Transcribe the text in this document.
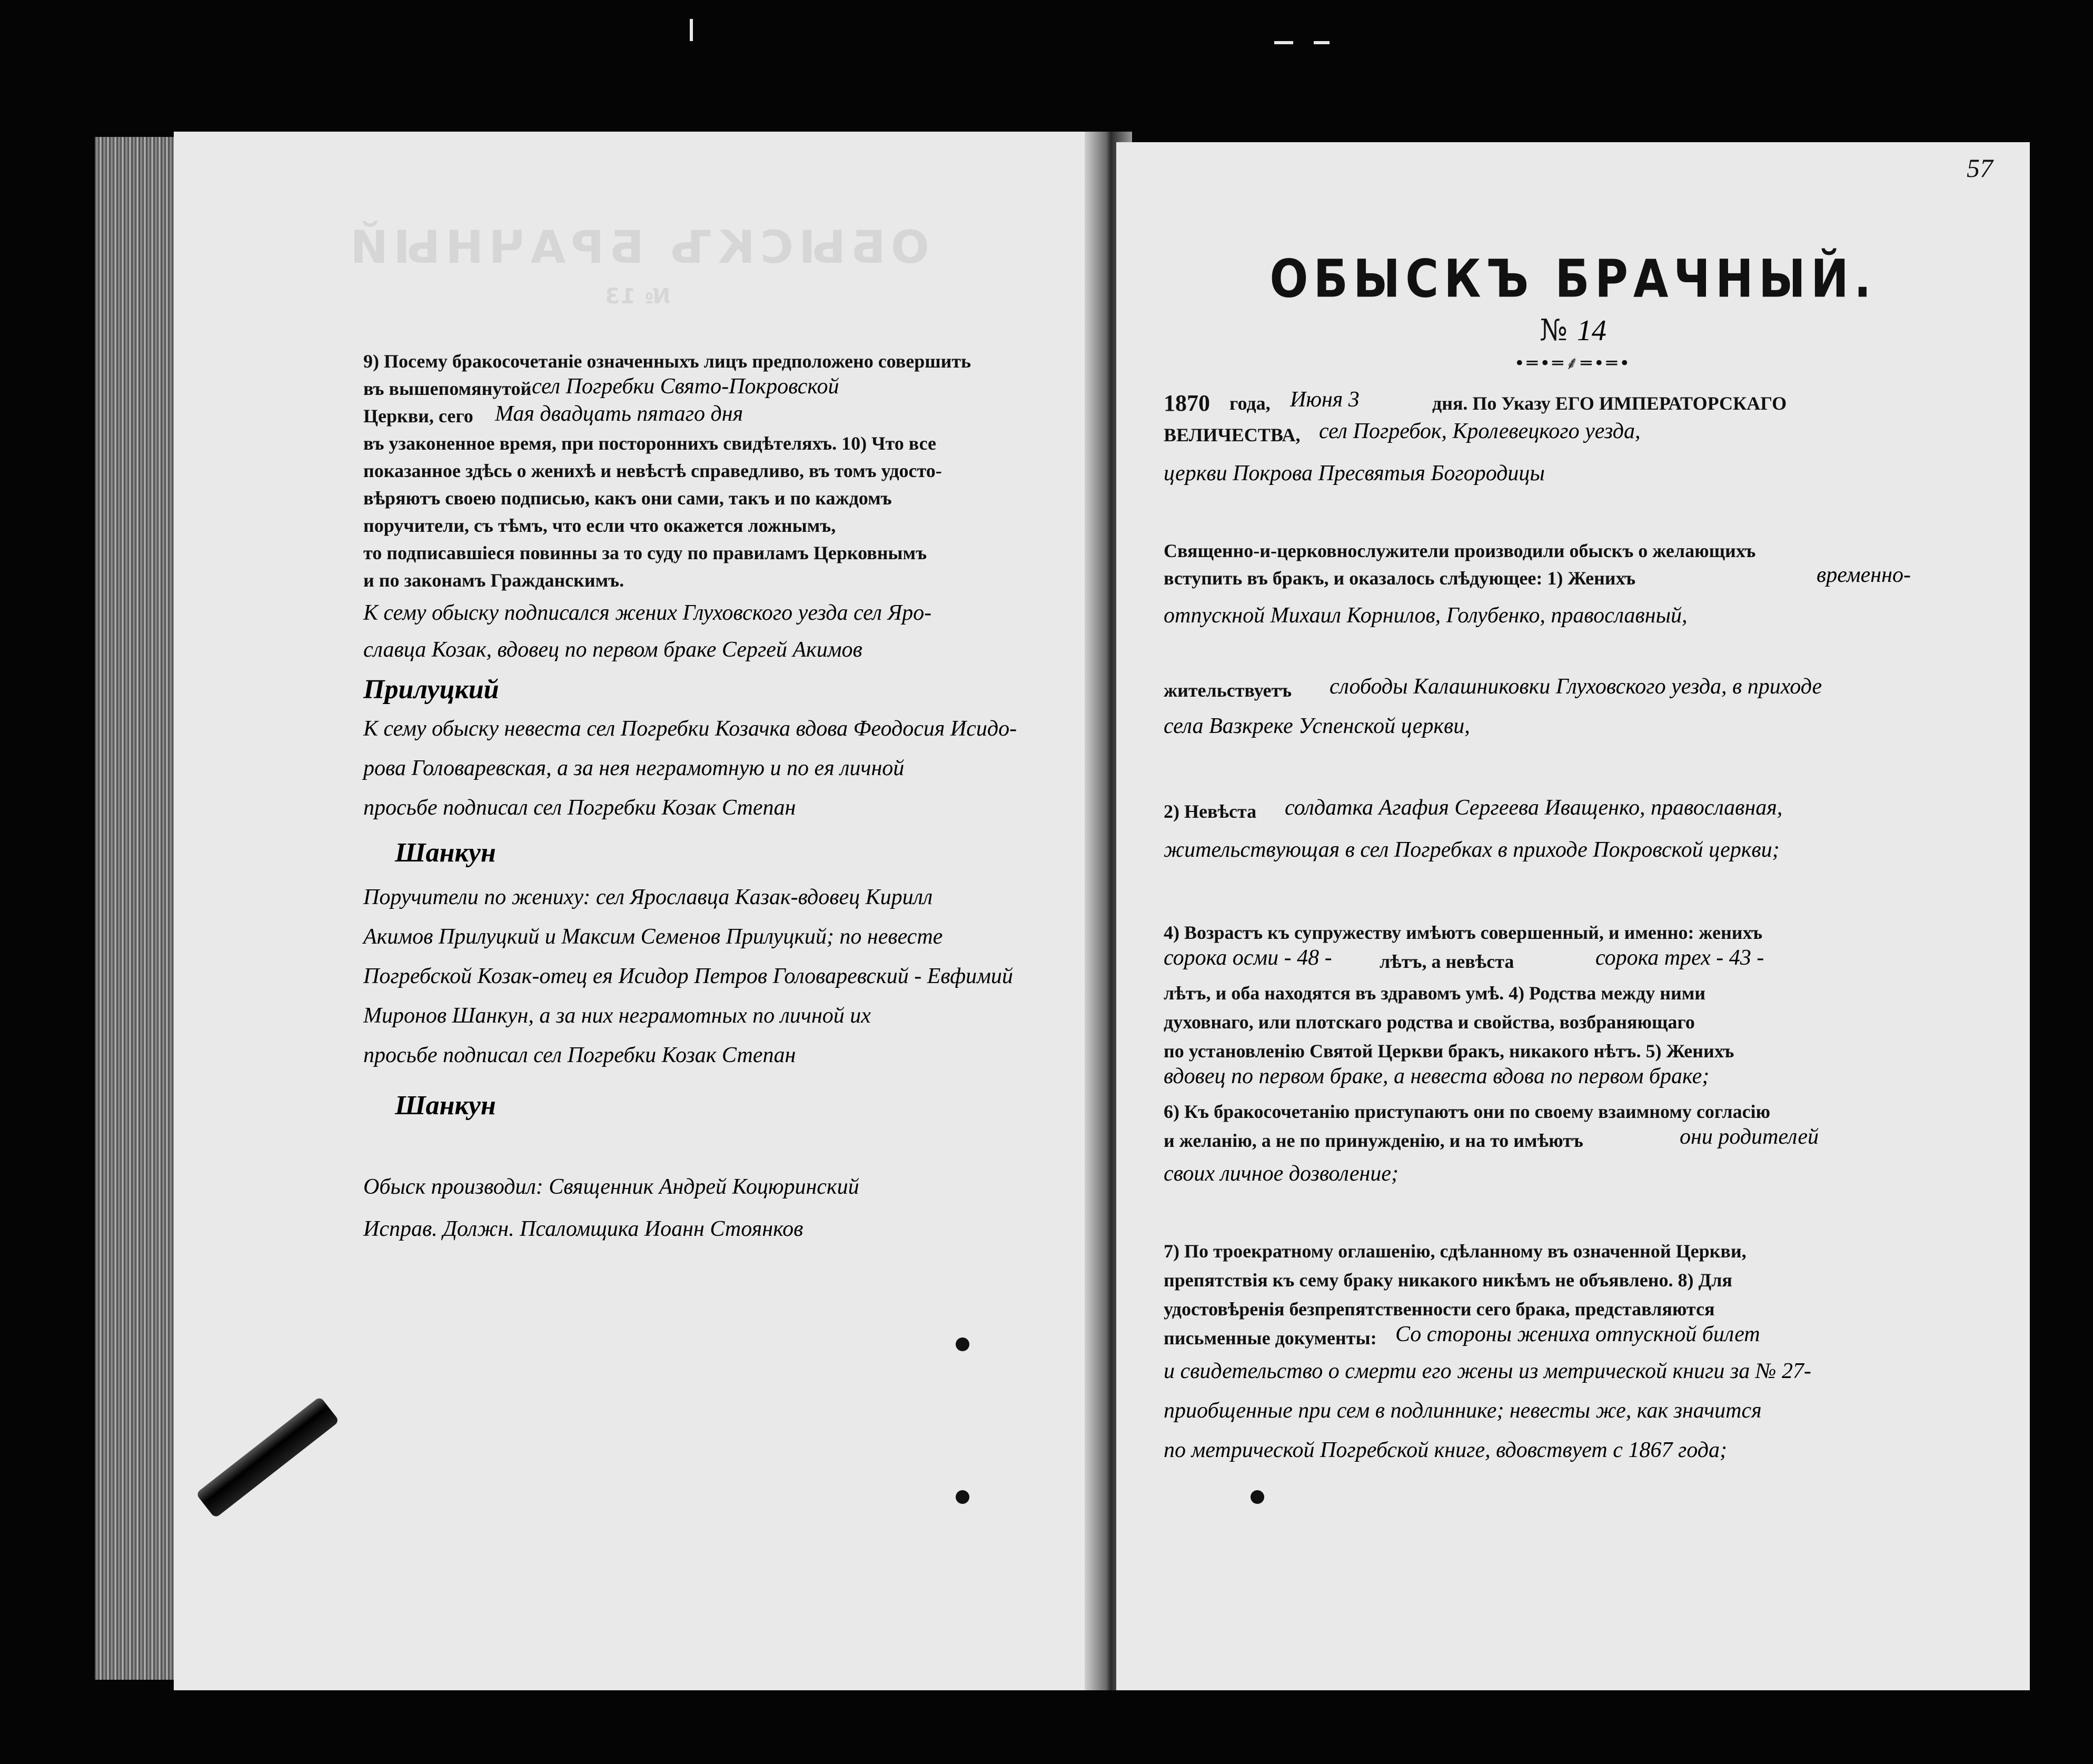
ОБЫСКЪ БРАЧНЫЙ
№ 13
9) Посему бракосочетаніе означенныхъ лицъ предположено совершить
въ вышепомянутой сел Погребки Свято-Покровской
Церкви, сего Мая двадцать пятаго дня
въ узаконенное время, при постороннихъ свидѣтеляхъ. 10) Что все
показанное здѣсь о женихѣ и невѣстѣ справедливо, въ томъ удосто-
вѣряютъ своею подписью, какъ они сами, такъ и по каждомъ
поручители, съ тѣмъ, что если что окажется ложнымъ,
то подписавшіеся повинны за то суду по правиламъ Церковнымъ
и по законамъ Гражданскимъ.
К сему обыску подписался жених Глуховского уезда сел Яро-
славца Козак, вдовец по первом браке Сергей Акимов
Прилуцкий
К сему обыску невеста сел Погребки Козачка вдова Феодосия Исидо-
рова Головаревская, а за нея неграмотную и по ея личной
просьбе подписал сел Погребки Козак Степан
Шанкун
Поручители по жениху: сел Ярославца Казак-вдовец Кирилл
Акимов Прилуцкий и Максим Семенов Прилуцкий; по невесте
Погребской Козак-отец ея Исидор Петров Головаревский - Евфимий
Миронов Шанкун, а за них неграмотных по личной их
просьбе подписал сел Погребки Козак Степан
Шанкун
Обыск производил: Священник Андрей Коцюринский
Исправ. Должн. Псаломщика Иоанн Стоянков
57
ОБЫСКЪ БРАЧНЫЙ.
№ 14
•═•═⸙═•═•
1870 года, Июня 3	дня. По Указу ЕГО ИМПЕРАТОРСКАГО
ВЕЛИЧЕСТВА, сел Погребок, Кролевецкого уезда,
церкви Покрова Пресвятыя Богородицы
Священно-и-церковнослужители производили обыскъ о желающихъ
вступить въ бракъ, и оказалось слѣдующее: 1) Женихъ	временно-
отпускной Михаил Корнилов, Голубенко, православный,
жительствуетъ слободы Калашниковки Глуховского уезда, в приходе
села Вазкреке Успенской церкви,
2) Невѣста солдатка Агафия Сергеева Иващенко, православная,
жительствующая в сел Погребках в приходе Покровской церкви;
4) Возрастъ къ супружеству имѣютъ совершенный, и именно: женихъ
сорока осми - 48 -	лѣтъ, а невѣста	сорока трех - 43 -
лѣтъ, и оба находятся въ здравомъ умѣ. 4) Родства между ними
духовнаго, или плотскаго родства и свойства, возбраняющаго
по установленію Святой Церкви бракъ, никакого нѣтъ. 5) Женихъ
вдовец по первом браке, а невеста вдова по первом браке;
6) Къ бракосочетанію приступаютъ они по своему взаимному согласію
и желанію, а не по принужденію, и на то имѣютъ	они родителей
своих личное дозволение;
7) По троекратному оглашенію, сдѣланному въ означенной Церкви,
препятствія къ сему браку никакого никѣмъ не объявлено. 8) Для
удостовѣренія безпрепятственности сего брака, представляются
письменные документы: Со стороны жениха отпускной билет
и свидетельство о смерти его жены из метрической книги за № 27-
приобщенные при сем в подлиннике; невесты же, как значится
по метрической Погребской книге, вдовствует с 1867 года;
